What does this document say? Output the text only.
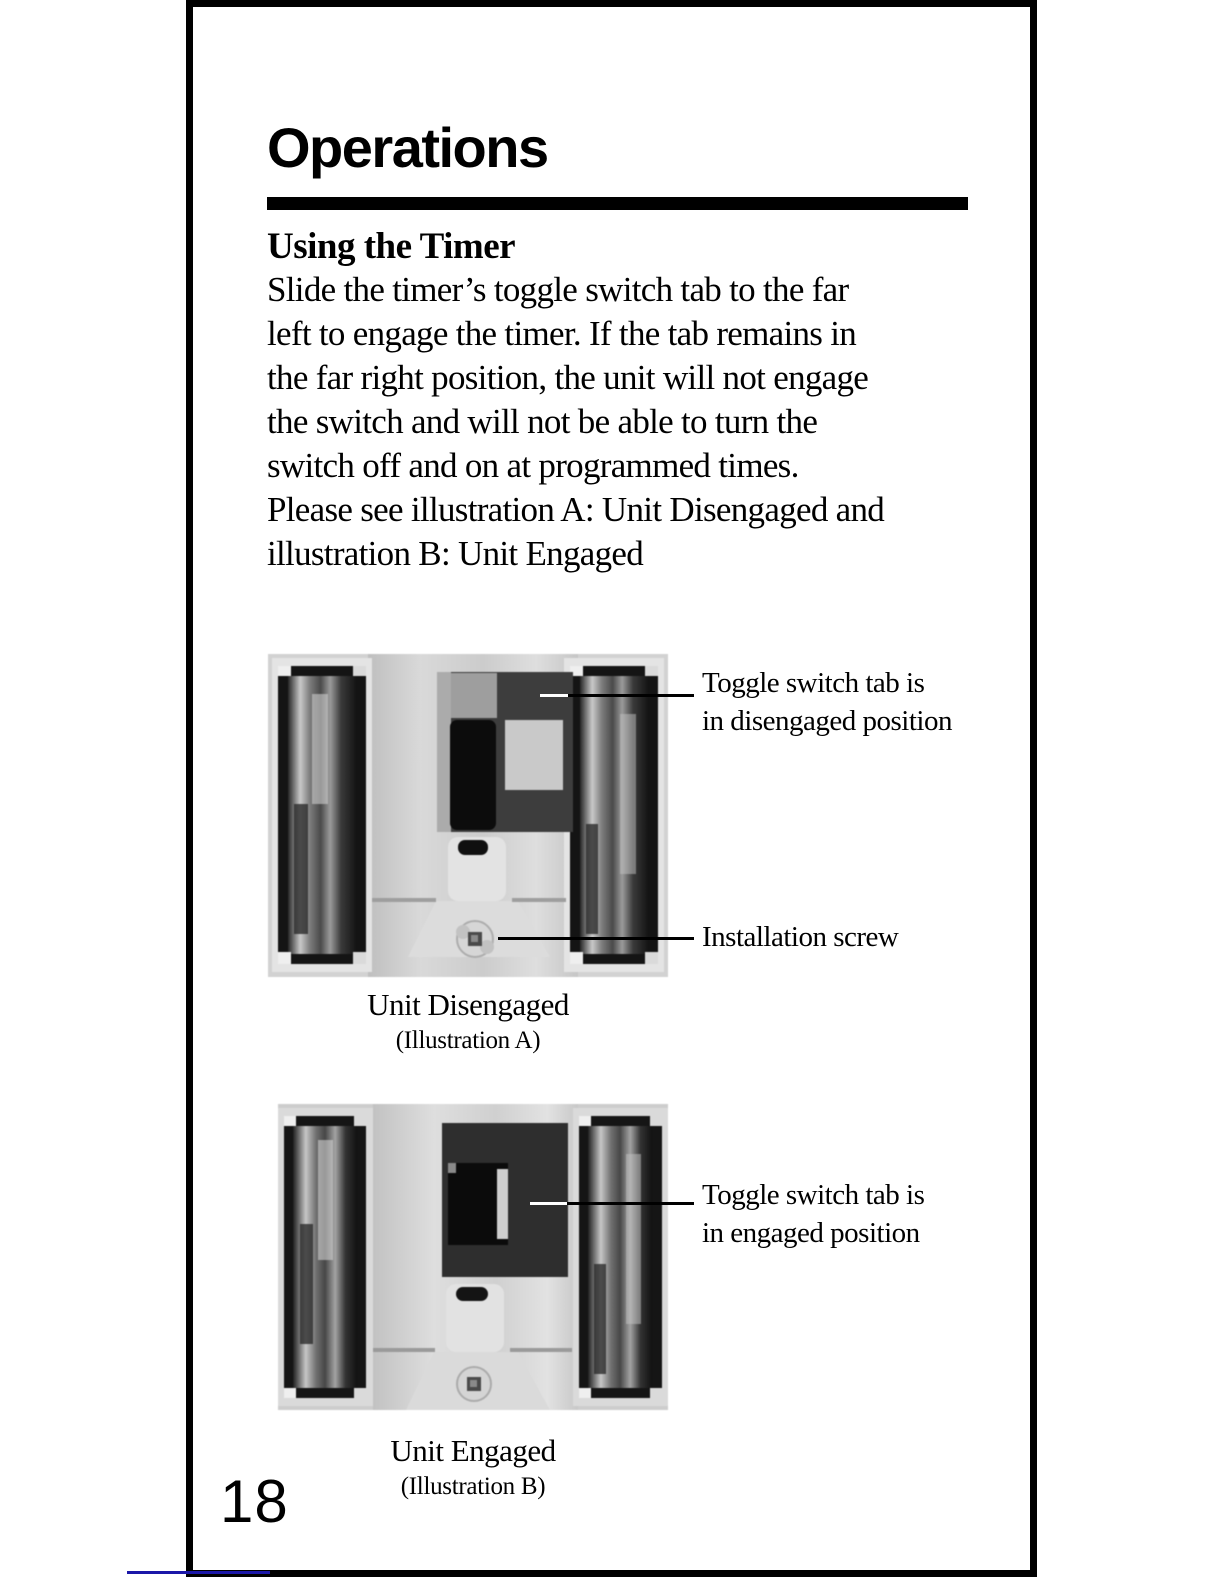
Operations
Using the Timer
Slide the timer’s toggle switch tab to the far
left to engage the timer. If the tab remains in
the far right position, the unit will not engage
the switch and will not be able to turn the
switch off and on at programmed times.
Please see illustration A: Unit Disengaged and
illustration B: Unit Engaged
Toggle switch tab is
in disengaged position
Installation screw
Unit Disengaged
(Illustration A)
Toggle switch tab is
in engaged position
Unit Engaged
(Illustration B)
18
